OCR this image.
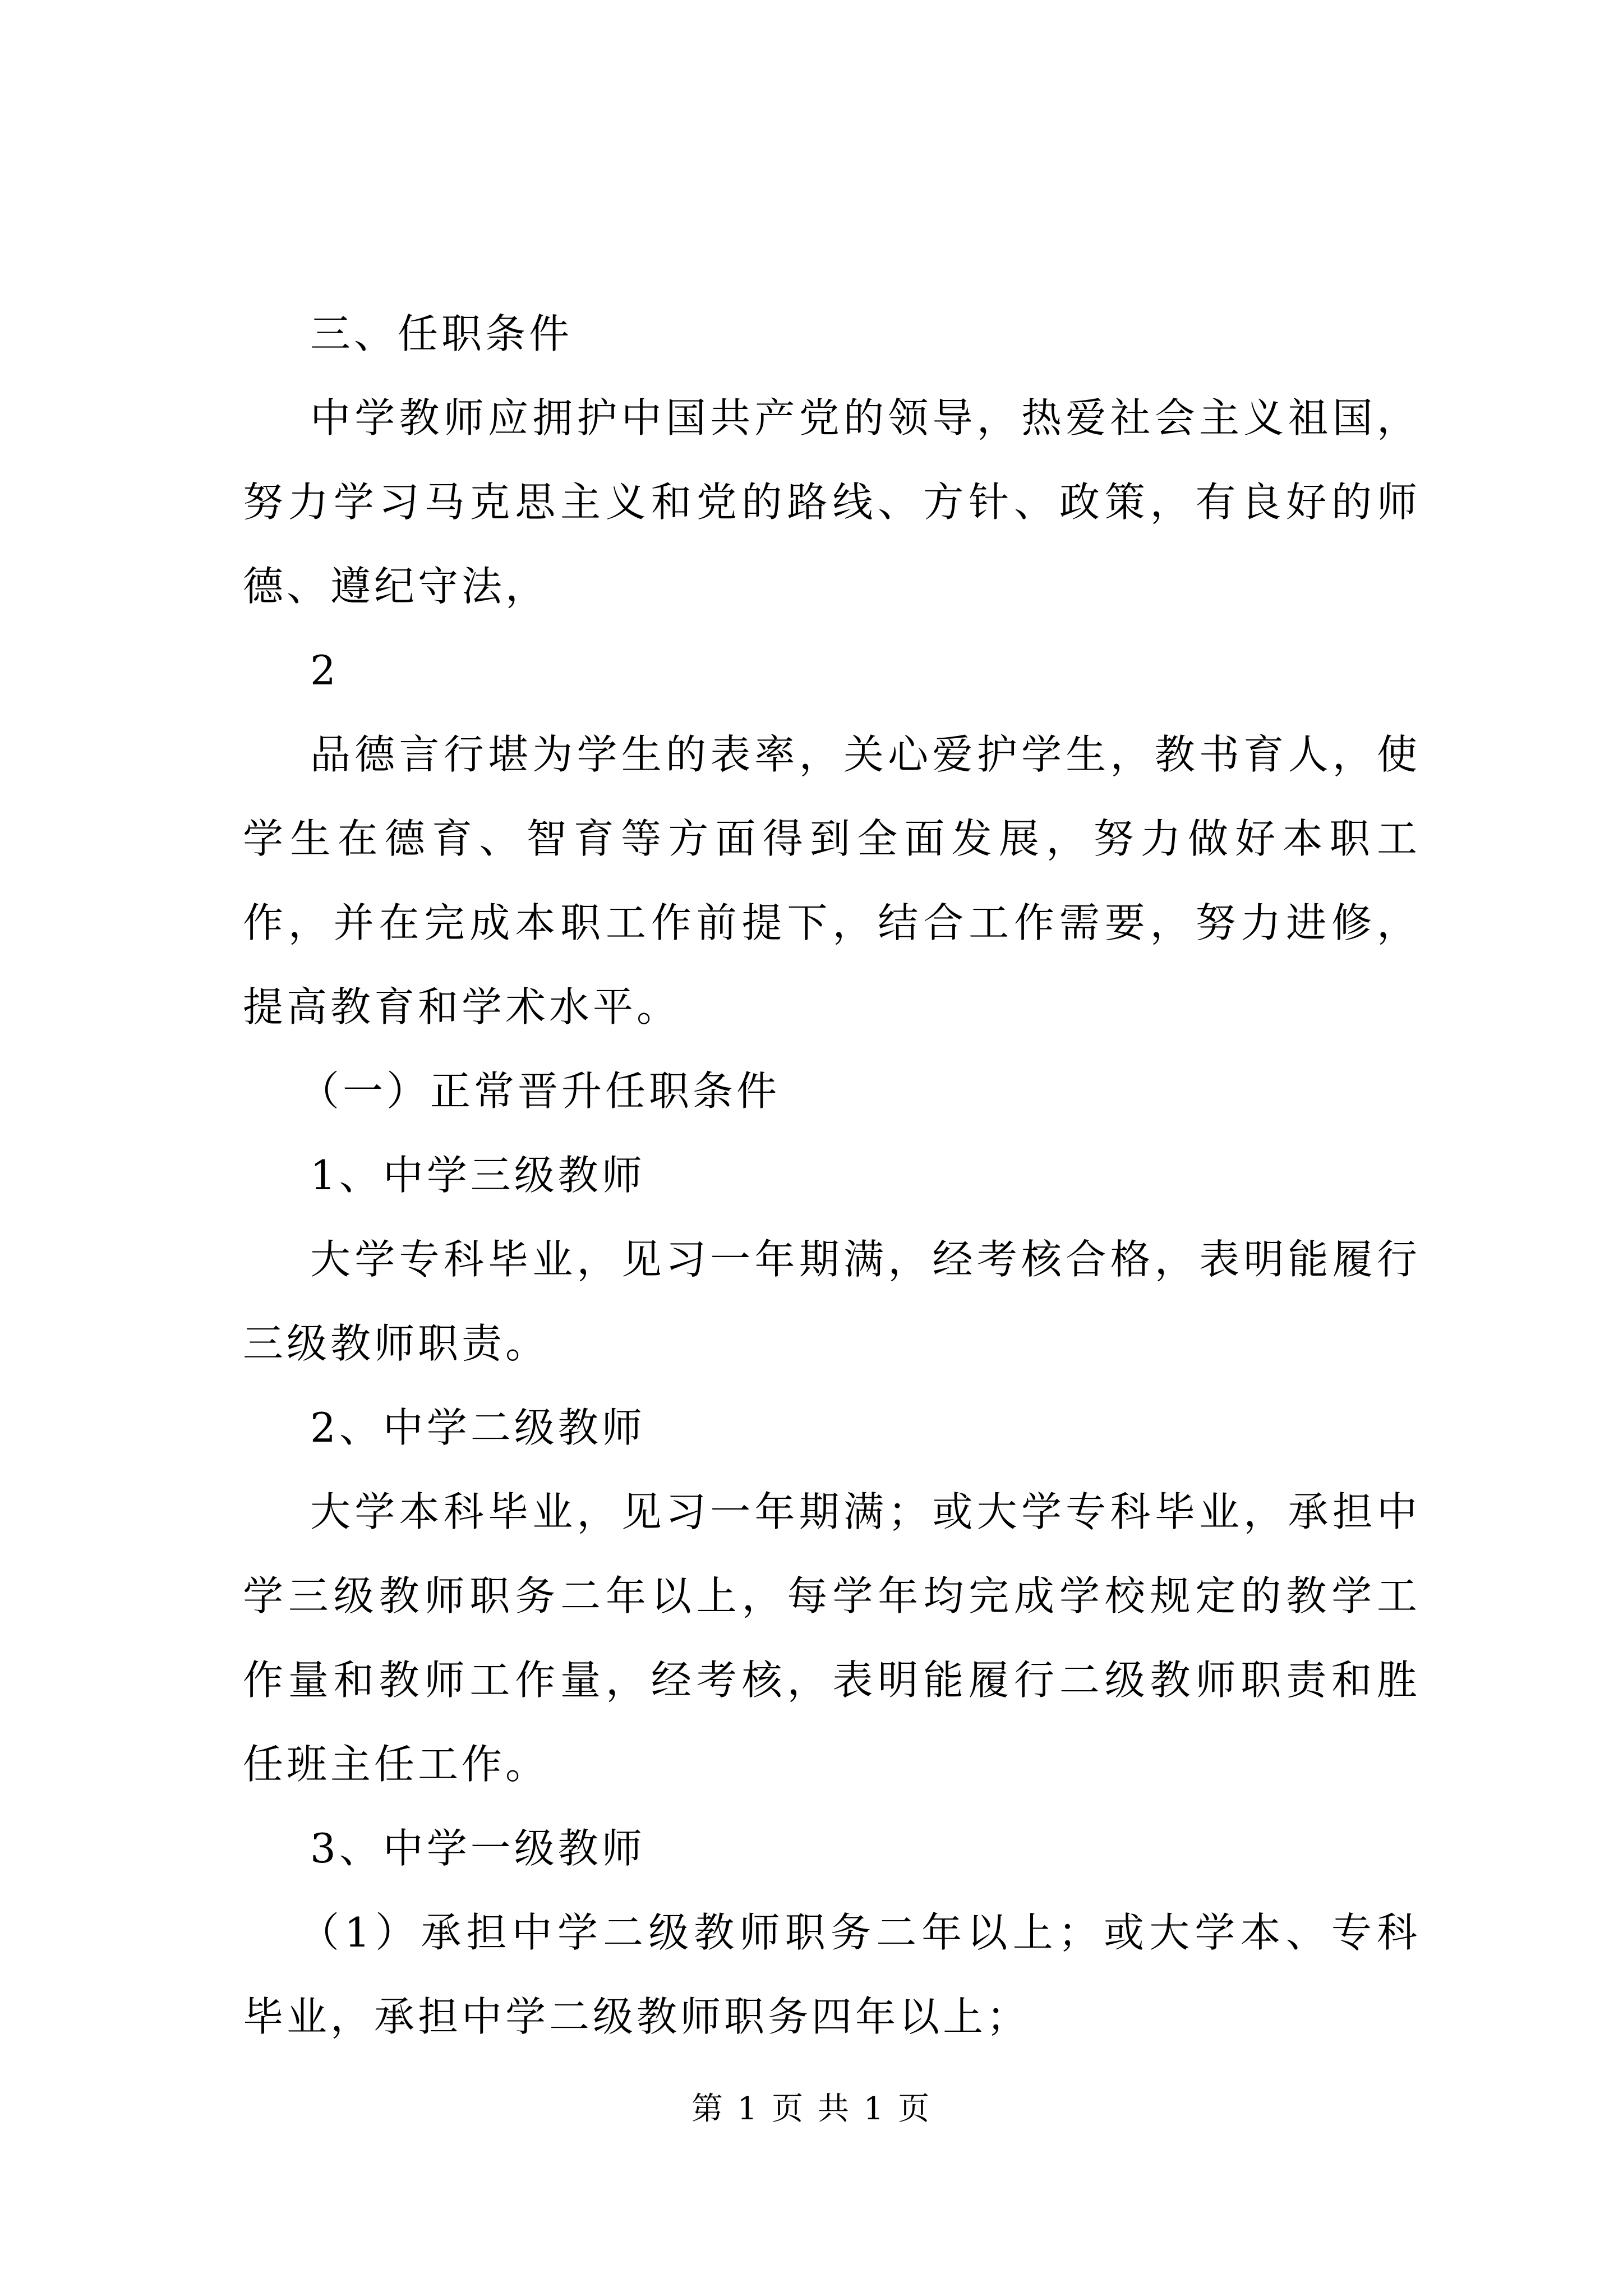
三、任职条件

中学教师应拥护中国共产党的领导，热爱社会主义祖国，努力学习马克思主义和党的路线、方针、政策，有良好的师德、遵纪守法，

2

品德言行堪为学生的表率，关心爱护学生，教书育人，使学生在德育、智育等方面得到全面发展，努力做好本职工作，并在完成本职工作前提下，结合工作需要，努力进修，提高教育和学术水平。

（一）正常晋升任职条件

1、中学三级教师

大学专科毕业，见习一年期满，经考核合格，表明能履行三级教师职责。

2、中学二级教师

大学本科毕业，见习一年期满；或大学专科毕业，承担中学三级教师职务二年以上，每学年均完成学校规定的教学工作量和教师工作量，经考核，表明能履行二级教师职责和胜任班主任工作。

3、中学一级教师

（1）承担中学二级教师职务二年以上；或大学本、专科毕业，承担中学二级教师职务四年以上；

第 1 页 共 1 页
